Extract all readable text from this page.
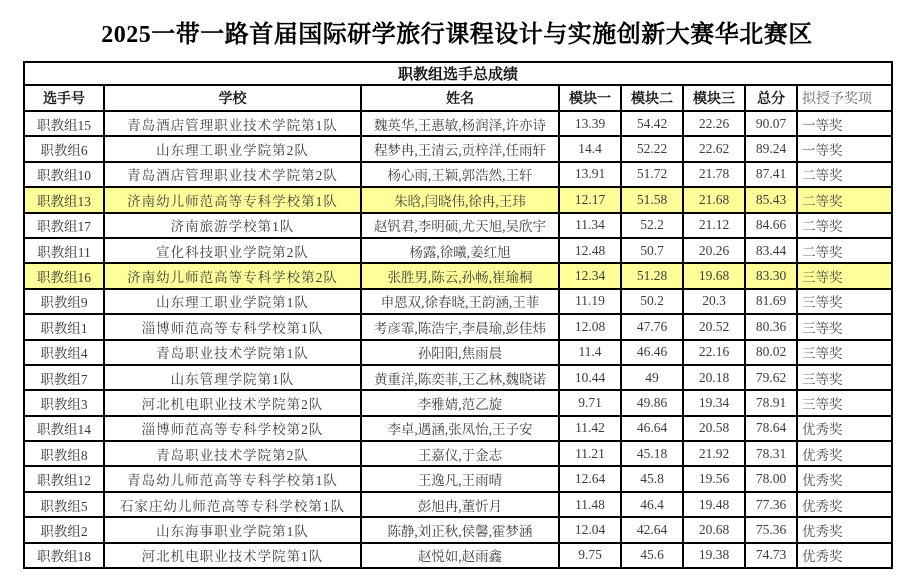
2025一带一路首届国际研学旅行课程设计与实施创新大赛华北赛区
职教组选手总成绩							
选手号	学校	姓名	模块一	模块二	模块三	总分	拟授予奖项
职教组15	青岛酒店管理职业技术学院第1队	魏英华,王惠敏,杨润泽,许亦诗	13.39	54.42	22.26	90.07	一等奖
职教组6	山东理工职业学院第2队	程梦冉,王清云,贡梓洋,任雨轩	14.4	52.22	22.62	89.24	一等奖
职教组10	青岛酒店管理职业技术学院第2队	杨心雨,王颖,郭浩然,王轩	13.91	51.72	21.78	87.41	二等奖
职教组13	济南幼儿师范高等专科学校第1队	朱晗,闫晓伟,徐冉,王玮	12.17	51.58	21.68	85.43	二等奖
职教组17	济南旅游学校第1队	赵钒君,李明硕,尤天旭,吴欣宇	11.34	52.2	21.12	84.66	二等奖
职教组11	宣化科技职业学院第2队	杨露,徐曦,姜红旭	12.48	50.7	20.26	83.44	二等奖
职教组16	济南幼儿师范高等专科学校第2队	张胜男,陈云,孙畅,崔瑜桐	12.34	51.28	19.68	83.30	三等奖
职教组9	山东理工职业学院第1队	申恩双,徐春晓,王韵涵,王菲	11.19	50.2	20.3	81.69	三等奖
职教组1	淄博师范高等专科学校第1队	考彦霏,陈浩宇,李晨瑜,彭佳炜	12.08	47.76	20.52	80.36	三等奖
职教组4	青岛职业技术学院第1队	孙阳阳,焦雨晨	11.4	46.46	22.16	80.02	三等奖
职教组7	山东管理学院第1队	黄重洋,陈奕菲,王乙林,魏晓诺	10.44	49	20.18	79.62	三等奖
职教组3	河北机电职业技术学院第2队	李雅婧,范乙旋	9.71	49.86	19.34	78.91	三等奖
职教组14	淄博师范高等专科学校第2队	李卓,遇涵,张凤怡,王子安	11.42	46.64	20.58	78.64	优秀奖
职教组8	青岛职业技术学院第2队	王嘉仪,于金志	11.21	45.18	21.92	78.31	优秀奖
职教组12	青岛幼儿师范高等专科学校第1队	王逸凡,王雨晴	12.64	45.8	19.56	78.00	优秀奖
职教组5	石家庄幼儿师范高等专科学校第1队	彭旭冉,董忻月	11.48	46.4	19.48	77.36	优秀奖
职教组2	山东海事职业学院第1队	陈静,刘正秋,侯馨,霍梦涵	12.04	42.64	20.68	75.36	优秀奖
职教组18	河北机电职业技术学院第1队	赵悦如,赵雨鑫	9.75	45.6	19.38	74.73	优秀奖
